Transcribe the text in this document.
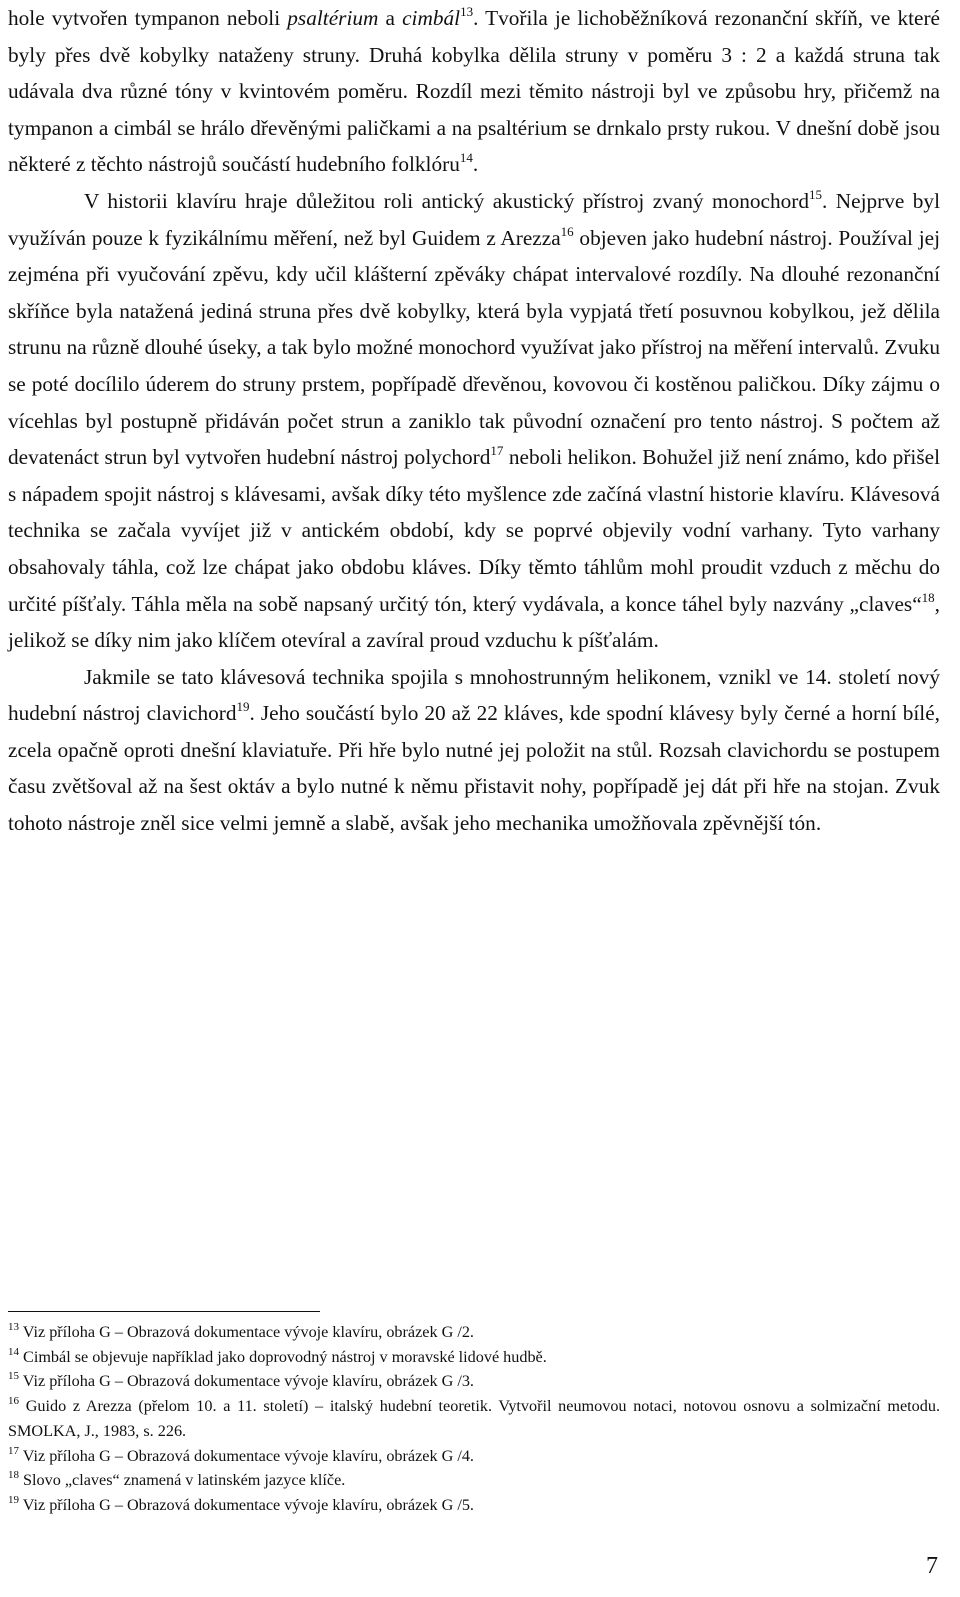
hole vytvořen tympanon neboli psaltérium a cimbál$^{13}$. Tvořila je lichoběžníková rezonanční skříň, ve které byly přes dvě kobylky nataženy struny. Druhá kobylka dělila struny v poměru 3 : 2 a každá struna tak udávala dva různé tóny v kvintovém poměru. Rozdíl mezi těmito nástroji byl ve způsobu hry, přičemž na tympanon a cimbál se hrálo dřevěnými paličkami a na psaltérium se drnkalo prsty rukou. V dnešní době jsou některé z těchto nástrojů součástí hudebního folklóru$^{14}$.

V historii klavíru hraje důležitou roli antický akustický přístroj zvaný monochord$^{15}$. Nejprve byl využíván pouze k fyzikálnímu měření, než byl Guidem z Arezza$^{16}$ objeven jako hudební nástroj. Používal jej zejména při vyučování zpěvu, kdy učil klášterní zpěváky chápat intervalové rozdíly. Na dlouhé rezonanční skříňce byla natažená jediná struna přes dvě kobylky, která byla vypjatá třetí posuvnou kobylkou, jež dělila strunu na různě dlouhé úseky, a tak bylo možné monochord využívat jako přístroj na měření intervalů. Zvuku se poté docílilo úderem do struny prstem, popřípadě dřevěnou, kovovou či kostěnou paličkou. Díky zájmu o vícehlas byl postupně přidáván počet strun a zaniklo tak původní označení pro tento nástroj. S počtem až devatenáct strun byl vytvořen hudební nástroj polychord$^{17}$ neboli helikon. Bohužel již není známo, kdo přišel s nápadem spojit nástroj s klávesami, avšak díky této myšlence zde začíná vlastní historie klavíru. Klávesová technika se začala vyvíjet již v antickém období, kdy se poprvé objevily vodní varhany. Tyto varhany obsahovaly táhla, což lze chápat jako obdobu kláves. Díky těmto táhlům mohl proudit vzduch z měchu do určité píšťaly. Táhla měla na sobě napsaný určitý tón, který vydávala, a konce táhel byly nazvány „claves“$^{18}$, jelikož se díky nim jako klíčem otevíral a zavíral proud vzduchu k píšťalám.

Jakmile se tato klávesová technika spojila s mnohostrunným helikonem, vznikl ve 14. století nový hudební nástroj clavichord$^{19}$. Jeho součástí bylo 20 až 22 kláves, kde spodní klávesy byly černé a horní bílé, zcela opačně oproti dnešní klaviatuře. Při hře bylo nutné jej položit na stůl. Rozsah clavichordu se postupem času zvětšoval až na šest oktáv a bylo nutné k němu přistavit nohy, popřípadě jej dát při hře na stojan. Zvuk tohoto nástroje zněl sice velmi jemně a slabě, avšak jeho mechanika umožňovala zpěvnější tón.

$^{13}$ Viz příloha G – Obrazová dokumentace vývoje klavíru, obrázek G /2.

$^{14}$ Cimbál se objevuje například jako doprovodný nástroj v moravské lidové hudbě.

$^{15}$ Viz příloha G – Obrazová dokumentace vývoje klavíru, obrázek G /3.

$^{16}$ Guido z Arezza (přelom 10. a 11. století) – italský hudební teoretik. Vytvořil neumovou notaci, notovou osnovu a solmizační metodu. SMOLKA, J., 1983, s. 226.

$^{17}$ Viz příloha G – Obrazová dokumentace vývoje klavíru, obrázek G /4.

$^{18}$ Slovo „claves“ znamená v latinském jazyce klíče.

$^{19}$ Viz příloha G – Obrazová dokumentace vývoje klavíru, obrázek G /5.

7
